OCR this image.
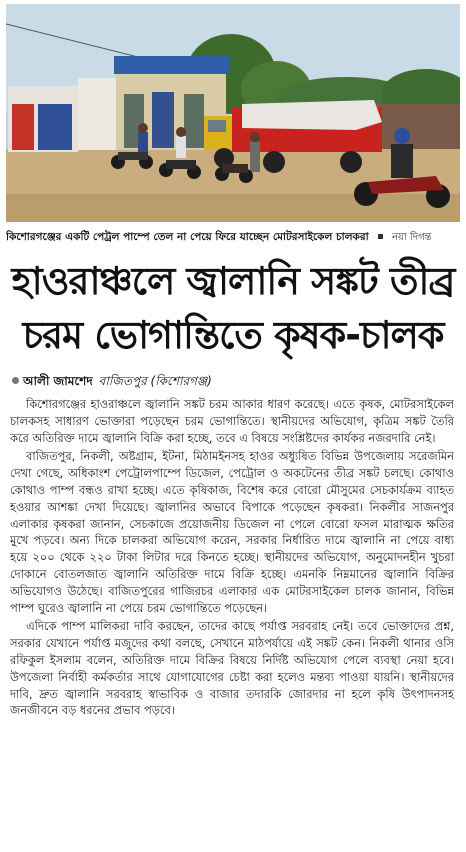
কিশোরগঞ্জের একটি পেট্রল পাম্পে তেল না পেয়ে ফিরে যাচ্ছেন মোটরসাইকেল চালকরা নয়া দিগন্ত
হাওরাঞ্চলে জ্বালানি সঙ্কট তীব্র
চরম ভোগান্তিতে কৃষক-চালক
আলী জামশেদ বাজিতপুর (কিশোরগঞ্জ)

কিশোরগঞ্জের হাওরাঞ্চলে জ্বালানি সঙ্কট চরম আকার ধারণ করেছে। এতে কৃষক, মোটরসাইকেল চালকসহ সাধারণ ভোক্তারা পড়েছেন চরম ভোগান্তিতে। স্থানীয়দের অভিযোগ, কৃত্রিম সঙ্কট তৈরি করে অতিরিক্ত দামে জ্বালানি বিক্রি করা হচ্ছে, তবে এ বিষয়ে সংশ্লিষ্টদের কার্যকর নজরদারি নেই।

বাজিতপুর, নিকলী, অষ্টগ্রাম, ইটনা, মিঠামইনসহ হাওর অধ্যুষিত বিভিন্ন উপজেলায় সরেজমিন দেখা গেছে, অধিকাংশ পেট্রোলপাম্পে ডিজেল, পেট্রোল ও অকটেনের তীব্র সঙ্কট চলছে। কোথাও কোথাও পাম্প বন্ধও রাখা হচ্ছে। এতে কৃষিকাজ, বিশেষ করে বোরো মৌসুমের সেচকার্যক্রম ব্যাহত হওয়ার আশঙ্কা দেখা দিয়েছে। জ্বালানির অভাবে বিপাকে পড়েছেন কৃষকরা। নিকলীর সাজনপুর এলাকার কৃষকরা জানান, সেচকাজে প্রয়োজনীয় ডিজেল না পেলে বোরো ফসল মারাত্মক ক্ষতির মুখে পড়বে। অন্য দিকে চালকরা অভিযোগ করেন, সরকার নির্ধারিত দামে জ্বালানি না পেয়ে বাধ্য হয়ে ২০০ থেকে ২২০ টাকা লিটার দরে কিনতে হচ্ছে। স্থানীয়দের অভিযোগ, অনুমোদনহীন খুচরা দোকানে বোতলজাত জ্বালানি অতিরিক্ত দামে বিক্রি হচ্ছে। এমনকি নিম্নমানের জ্বালানি বিক্রির অভিযোগও উঠেছে। বাজিতপুরের গাজিরচর এলাকার এক মোটরসাইকেল চালক জানান, বিভিন্ন পাম্প ঘুরেও জ্বালানি না পেয়ে চরম ভোগান্তিতে পড়েছেন।

এদিকে পাম্প মালিকরা দাবি করছেন, তাদের কাছে পর্যাপ্ত সরবরাহ নেই। তবে ভোক্তাদের প্রশ্ন, সরকার যেখানে পর্যাপ্ত মজুদের কথা বলছে, সেখানে মাঠপর্যায়ে এই সঙ্কট কেন। নিকলী থানার ওসি রফিকুল ইসলাম বলেন, অতিরিক্ত দামে বিক্রির বিষয়ে নির্দিষ্ট অভিযোগ পেলে ব্যবস্থা নেয়া হবে। উপজেলা নির্বাহী কর্মকর্তার সাথে যোগাযোগের চেষ্টা করা হলেও মন্তব্য পাওয়া যায়নি। স্থানীয়দের দাবি, দ্রুত জ্বালানি সরবরাহ স্বাভাবিক ও বাজার তদারকি জোরদার না হলে কৃষি উৎপাদনসহ জনজীবনে বড় ধরনের প্রভাব পড়বে।
